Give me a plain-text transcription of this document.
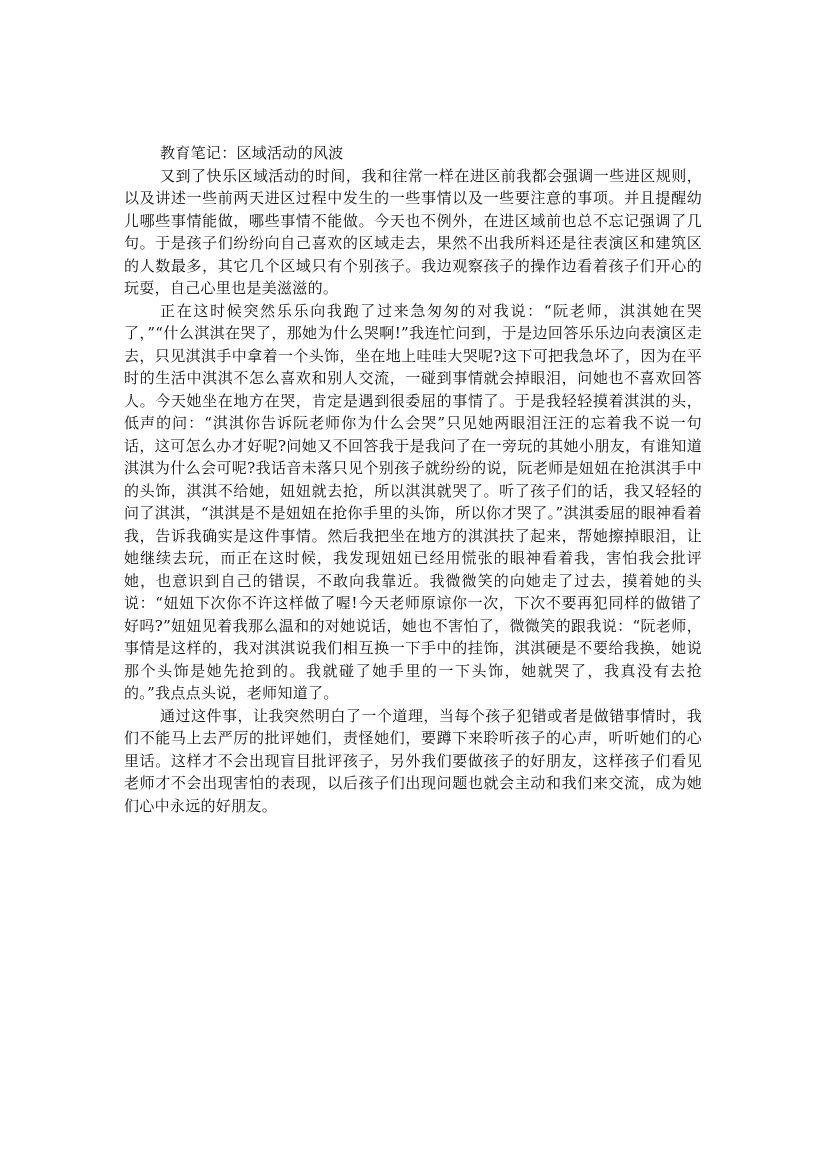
教育笔记：区域活动的风波

又到了快乐区域活动的时间，我和往常一样在进区前我都会强调一些进区规则，以及讲述一些前两天进区过程中发生的一些事情以及一些要注意的事项。并且提醒幼儿哪些事情能做，哪些事情不能做。今天也不例外，在进区域前也总不忘记强调了几句。于是孩子们纷纷向自己喜欢的区域走去，果然不出我所料还是往表演区和建筑区的人数最多，其它几个区域只有个别孩子。我边观察孩子的操作边看着孩子们开心的玩耍，自己心里也是美滋滋的。

正在这时候突然乐乐向我跑了过来急匆匆的对我说：“阮老师，淇淇她在哭了，”“什么淇淇在哭了，那她为什么哭啊!”我连忙问到，于是边回答乐乐边向表演区走去，只见淇淇手中拿着一个头饰，坐在地上哇哇大哭呢?这下可把我急坏了，因为在平时的生活中淇淇不怎么喜欢和别人交流，一碰到事情就会掉眼泪，问她也不喜欢回答人。今天她坐在地方在哭，肯定是遇到很委屈的事情了。于是我轻轻摸着淇淇的头，低声的问：“淇淇你告诉阮老师你为什么会哭”只见她两眼泪汪汪的忘着我不说一句话，这可怎么办才好呢?问她又不回答我于是我问了在一旁玩的其她小朋友，有谁知道淇淇为什么会可呢?我话音未落只见个别孩子就纷纷的说，阮老师是妞妞在抢淇淇手中的头饰，淇淇不给她，妞妞就去抢，所以淇淇就哭了。听了孩子们的话，我又轻轻的问了淇淇，“淇淇是不是妞妞在抢你手里的头饰，所以你才哭了。”淇淇委屈的眼神看着我，告诉我确实是这件事情。然后我把坐在地方的淇淇扶了起来，帮她擦掉眼泪，让她继续去玩，而正在这时候，我发现妞妞已经用慌张的眼神看着我，害怕我会批评她，也意识到自己的错误，不敢向我靠近。我微微笑的向她走了过去，摸着她的头说：“妞妞下次你不许这样做了喔!今天老师原谅你一次，下次不要再犯同样的做错了好吗?”妞妞见着我那么温和的对她说话，她也不害怕了，微微笑的跟我说：“阮老师，事情是这样的，我对淇淇说我们相互换一下手中的挂饰，淇淇硬是不要给我换，她说那个头饰是她先抢到的。我就碰了她手里的一下头饰，她就哭了，我真没有去抢的。”我点点头说，老师知道了。

通过这件事，让我突然明白了一个道理，当每个孩子犯错或者是做错事情时，我们不能马上去严厉的批评她们，责怪她们，要蹲下来聆听孩子的心声，听听她们的心里话。这样才不会出现盲目批评孩子，另外我们要做孩子的好朋友，这样孩子们看见老师才不会出现害怕的表现，以后孩子们出现问题也就会主动和我们来交流，成为她们心中永远的好朋友。
